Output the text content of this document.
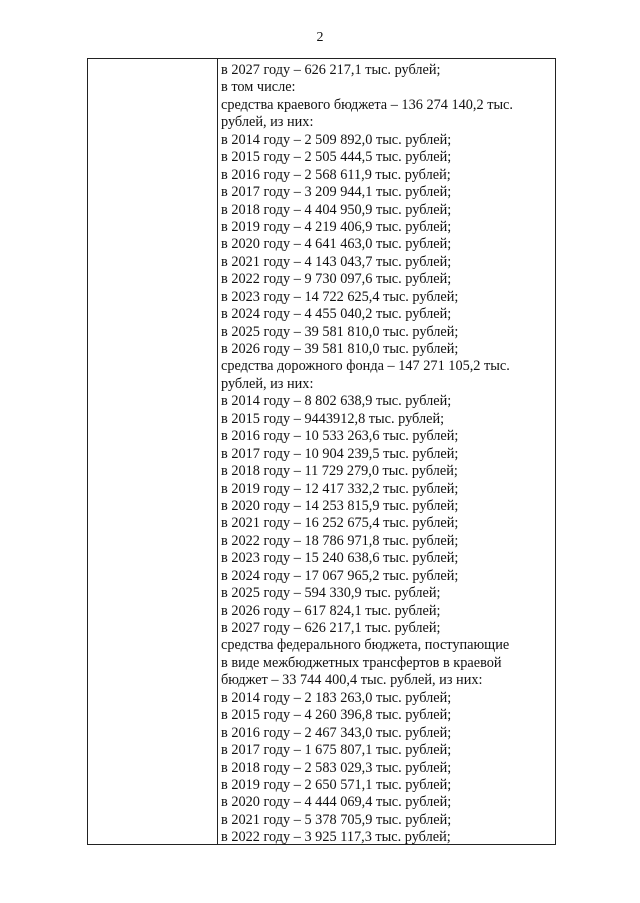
2
в 2027 году – 626 217,1 тыс. рублей;
в том числе:
средства краевого бюджета – 136 274 140,2 тыс.
рублей, из них:
в 2014 году – 2 509 892,0 тыс. рублей;
в 2015 году – 2 505 444,5 тыс. рублей;
в 2016 году – 2 568 611,9 тыс. рублей;
в 2017 году – 3 209 944,1 тыс. рублей;
в 2018 году – 4 404 950,9 тыс. рублей;
в 2019 году – 4 219 406,9 тыс. рублей;
в 2020 году – 4 641 463,0 тыс. рублей;
в 2021 году – 4 143 043,7 тыс. рублей;
в 2022 году – 9 730 097,6 тыс. рублей;
в 2023 году – 14 722 625,4 тыс. рублей;
в 2024 году – 4 455 040,2 тыс. рублей;
в 2025 году – 39 581 810,0 тыс. рублей;
в 2026 году – 39 581 810,0 тыс. рублей;
средства дорожного фонда – 147 271 105,2 тыс.
рублей, из них:
в 2014 году – 8 802 638,9 тыс. рублей;
в 2015 году – 9443912,8 тыс. рублей;
в 2016 году – 10 533 263,6 тыс. рублей;
в 2017 году – 10 904 239,5 тыс. рублей;
в 2018 году – 11 729 279,0 тыс. рублей;
в 2019 году – 12 417 332,2 тыс. рублей;
в 2020 году – 14 253 815,9 тыс. рублей;
в 2021 году – 16 252 675,4 тыс. рублей;
в 2022 году – 18 786 971,8 тыс. рублей;
в 2023 году – 15 240 638,6 тыс. рублей;
в 2024 году – 17 067 965,2 тыс. рублей;
в 2025 году – 594 330,9 тыс. рублей;
в 2026 году – 617 824,1 тыс. рублей;
в 2027 году – 626 217,1 тыс. рублей;
средства федерального бюджета, поступающие
в виде межбюджетных трансфертов в краевой
бюджет – 33 744 400,4 тыс. рублей, из них:
в 2014 году – 2 183 263,0 тыс. рублей;
в 2015 году – 4 260 396,8 тыс. рублей;
в 2016 году – 2 467 343,0 тыс. рублей;
в 2017 году – 1 675 807,1 тыс. рублей;
в 2018 году – 2 583 029,3 тыс. рублей;
в 2019 году – 2 650 571,1 тыс. рублей;
в 2020 году – 4 444 069,4 тыс. рублей;
в 2021 году – 5 378 705,9 тыс. рублей;
в 2022 году – 3 925 117,3 тыс. рублей;
